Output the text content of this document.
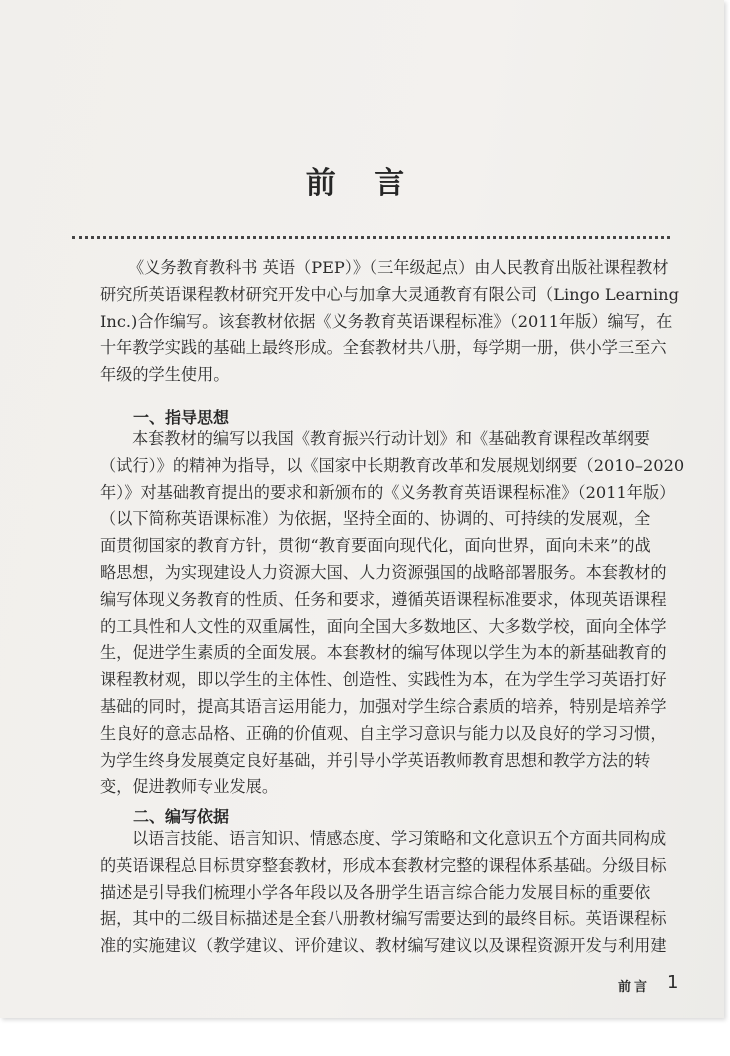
前 言
《义务教育教科书 英语（PEP）》（三年级起点）由人民教育出版社课程教材
研究所英语课程教材研究开发中心与加拿大灵通教育有限公司（Lingo Learning
Inc.)合作编写。该套教材依据《义务教育英语课程标准》（2011年版）编写，在
十年教学实践的基础上最终形成。全套教材共八册，每学期一册，供小学三至六
年级的学生使用。
一、指导思想
本套教材的编写以我国《教育振兴行动计划》和《基础教育课程改革纲要
（试行）》的精神为指导，以《国家中长期教育改革和发展规划纲要（2010–2020
年）》对基础教育提出的要求和新颁布的《义务教育英语课程标准》（2011年版）
（以下简称英语课标准）为依据，坚持全面的、协调的、可持续的发展观，全
面贯彻国家的教育方针，贯彻“教育要面向现代化，面向世界，面向未来”的战
略思想，为实现建设人力资源大国、人力资源强国的战略部署服务。本套教材的
编写体现义务教育的性质、任务和要求，遵循英语课程标准要求，体现英语课程
的工具性和人文性的双重属性，面向全国大多数地区、大多数学校，面向全体学
生，促进学生素质的全面发展。本套教材的编写体现以学生为本的新基础教育的
课程教材观，即以学生的主体性、创造性、实践性为本，在为学生学习英语打好
基础的同时，提高其语言运用能力，加强对学生综合素质的培养，特别是培养学
生良好的意志品格、正确的价值观、自主学习意识与能力以及良好的学习习惯，
为学生终身发展奠定良好基础，并引导小学英语教师教育思想和教学方法的转
变，促进教师专业发展。
二、编写依据
以语言技能、语言知识、情感态度、学习策略和文化意识五个方面共同构成
的英语课程总目标贯穿整套教材，形成本套教材完整的课程体系基础。分级目标
描述是引导我们梳理小学各年段以及各册学生语言综合能力发展目标的重要依
据，其中的二级目标描述是全套八册教材编写需要达到的最终目标。英语课程标
准的实施建议（教学建议、评价建议、教材编写建议以及课程资源开发与利用建
前言 1
